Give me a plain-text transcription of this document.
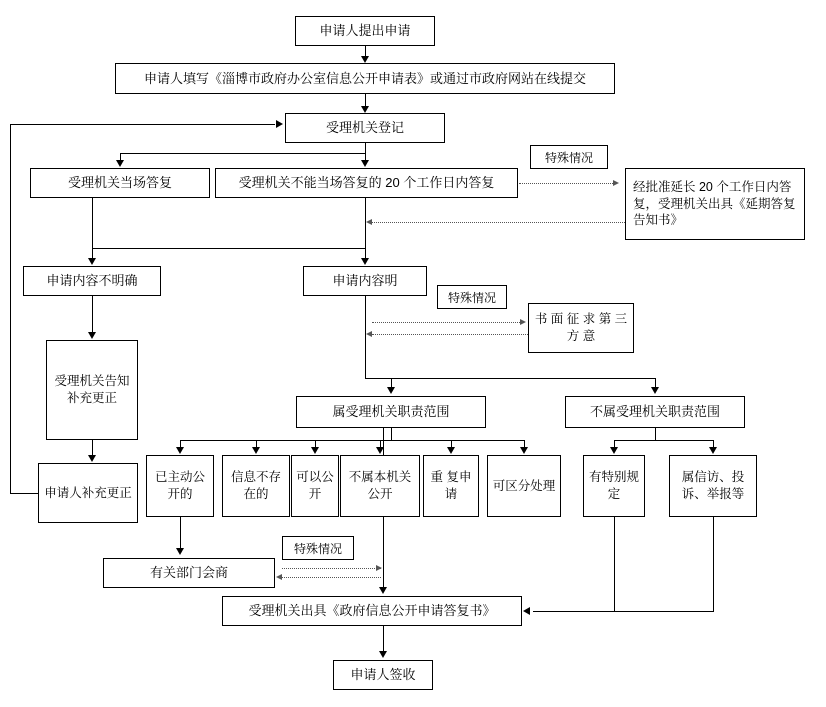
申请人提出申请
申请人填写《淄博市政府办公室信息公开申请表》或通过市政府网站在线提交
受理机关登记
受理机关当场答复	受理机关不能当场答复的 20 个工作日内答复
特殊情况
经批准延长 20 个工作日内答复，受理机关出具《延期答复告知书》
申请内容不明确	申请内容明
特殊情况
书 面 征 求 第 三 方 意
受理机关告知补充更正
申请人补充更正
属受理机关职责范围	不属受理机关职责范围
已主动公开的
信息不存在的
可以公开
不属本机关公开
重 复申请
可区分处理
有特别规定
属信访、投诉、举报等
特殊情况
有关部门会商
受理机关出具《政府信息公开申请答复书》
申请人签收
